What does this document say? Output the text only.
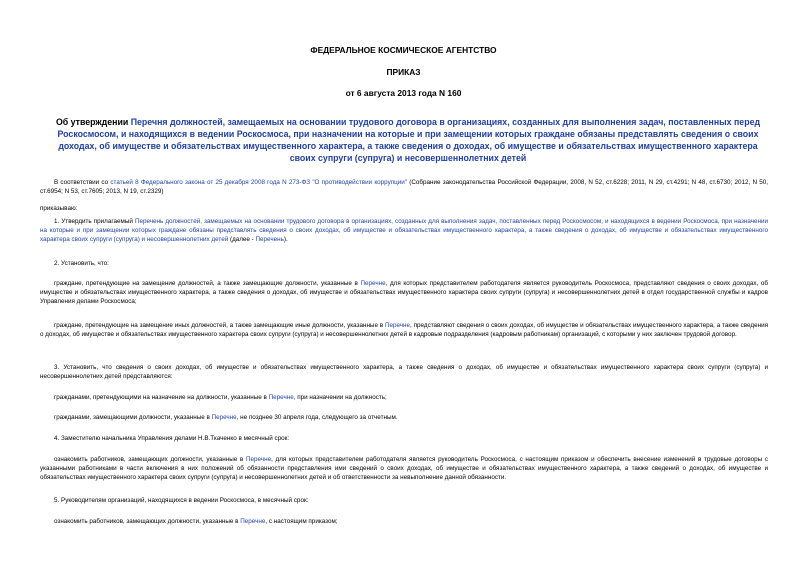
ФЕДЕРАЛЬНОЕ КОСМИЧЕСКОЕ АГЕНТСТВО
ПРИКАЗ
от 6 августа 2013 года N 160
Об утверждении Перечня должностей, замещаемых на основании трудового договора в организациях, созданных для выполнения задач, поставленных перед Роскосмосом, и находящихся в ведении Роскосмоса, при назначении на которые и при замещении которых граждане обязаны представлять сведения о своих доходах, об имуществе и обязательствах имущественного характера, а также сведения о доходах, об имуществе и обязательствах имущественного характера своих супруги (супруга) и несовершеннолетних детей
В соответствии со статьей 8 Федерального закона от 25 декабря 2008 года N 273-ФЗ "О противодействии коррупции" (Собрание законодательства Российской Федерации, 2008, N 52, ст.6228; 2011, N 29, ст.4291; N 48, ст.6730; 2012, N 50, ст.6954; N 53, ст.7605; 2013, N 19, ст.2329)
приказываю:
1. Утвердить прилагаемый Перечень должностей, замещаемых на основании трудового договора в организациях, созданных для выполнения задач, поставленных перед Роскосмосом, и находящихся в ведении Роскосмоса, при назначении на которые и при замещении которых граждане обязаны представлять сведения о своих доходах, об имуществе и обязательствах имущественного характера, а также сведения о доходах, об имуществе и обязательствах имущественного характера своих супруги (супруга) и несовершеннолетних детей (далее - Перечень).
2. Установить, что:
граждане, претендующие на замещение должностей, а также замещающие должности, указанные в Перечне, для которых представителем работодателя является руководитель Роскосмоса, представляют сведения о своих доходах, об имуществе и обязательствах имущественного характера, а также сведения о доходах, об имуществе и обязательствах имущественного характера своих супруги (супруга) и несовершеннолетних детей в отдел государственной службы и кадров Управления делами Роскосмоса;
граждане, претендующие на замещение иных должностей, а также замещающие иные должности, указанные в Перечне, представляют сведения о своих доходах, об имуществе и обязательствах имущественного характера, а также сведения о доходах, об имуществе и обязательствах имущественного характера своих супруги (супруга) и несовершеннолетних детей в кадровые подразделения (кадровым работникам) организаций, с которыми у них заключен трудовой договор.
3. Установить, что сведения о своих доходах, об имуществе и обязательствах имущественного характера, а также сведения о доходах, об имуществе и обязательствах имущественного характера своих супруги (супруга) и несовершеннолетних детей представляются:
гражданами, претендующими на назначение на должности, указанные в Перечне, при назначении на должность;
гражданами, замещающими должности, указанные в Перечне, не позднее 30 апреля года, следующего за отчетным.
4. Заместителю начальника Управления делами Н.В.Ткаченко в месячный срок:
ознакомить работников, замещающих должности, указанные в Перечне, для которых представителем работодателя является руководитель Роскосмоса, с настоящим приказом и обеспечить внесение изменений в трудовые договоры с указанными работниками в части включения в них положений об обязанности представления ими сведений о своих доходах, об имуществе и обязательствах имущественного характера, а также сведений о доходах, об имуществе и обязательствах имущественного характера своих супруги (супруга) и несовершеннолетних детей и об ответственности за невыполнение данной обязанности.
5. Руководителям организаций, находящихся в ведении Роскосмоса, в месячный срок:
ознакомить работников, замещающих должности, указанные в Перечне, с настоящим приказом;
